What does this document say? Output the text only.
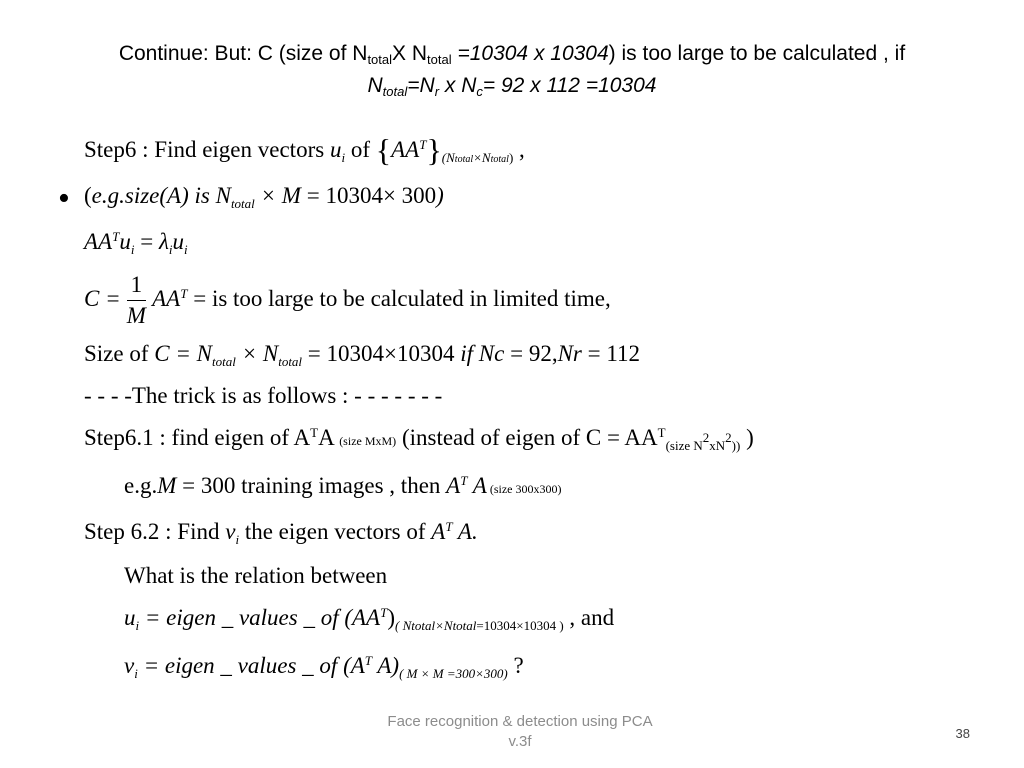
Continue: But: C (size of $N_{total}X$ $N_{total} =10304$ x 10304) is too large to be calculated , if
$N_{total}=N_r$ x $N_c= 92$ x 112 =10304
•
Step6 : Find eigen vectors $u_i$ of $\{AA^T\}_{(Ntotal\times Ntotal)}$ ,
(e.g.size(A) is $N_{total} \times M = 10304\times 300$)
$AA^Tu_i = \lambda_iu_i$
$C = \frac{1}{M} AA^T$ = is too large to be calculated in limited time,
Size of $C = N_{total} \times N_{total} = 10304\times 10304$ if Nc = 92,Nr = 112
- - - -The trick is as follows : - - - - - - -
Step6.1 : find eigen of $A^TA$ (size MxM) (instead of eigen of $C = AA^T_{(size N^2xN^2))}$ )
e.g.M = 300 training images , then $A^T$ A (size 300x300)
Step 6.2 : Find $v_i$ the eigen vectors of $A^T$ A.
What is the relation between
$u_i$ = eigen _ values _ of $(AA^T)_{( Ntotal\times Ntotal=10304\times 10304 )}$ , and
$v_i$ = eigen _ values _ of ($A^T$ $A)_{( M \times M =300\times 300)}$ ?
Face recognition & detection using PCA
v.3f	38
